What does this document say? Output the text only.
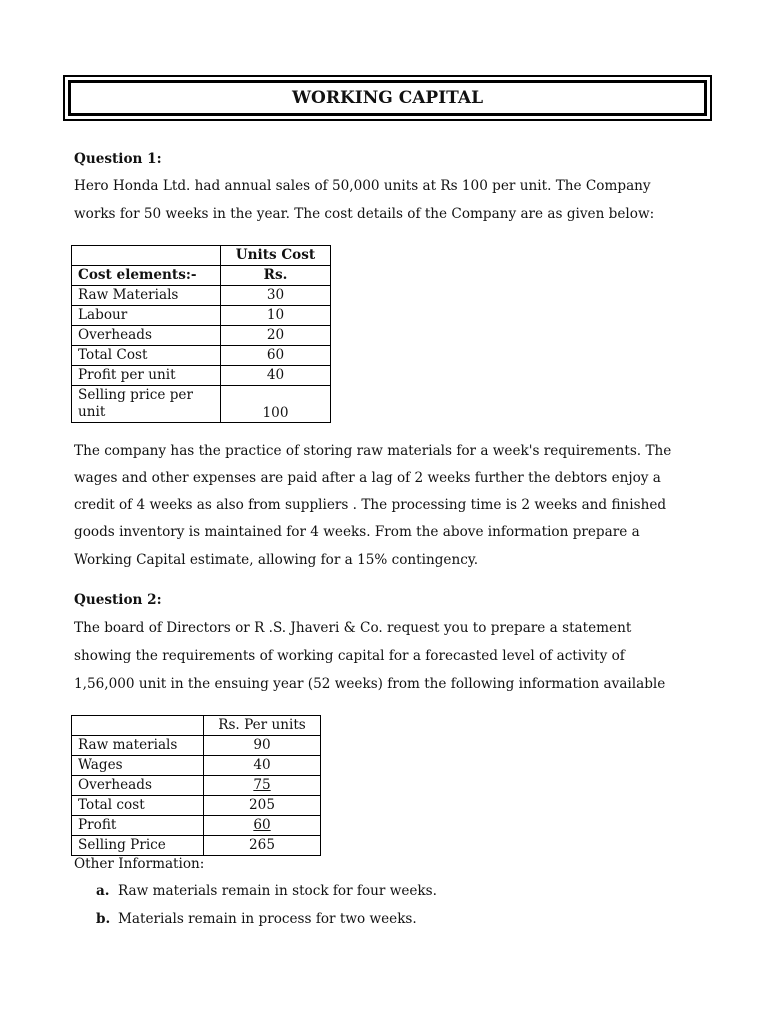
WORKING CAPITAL
Question 1:
Hero Honda Ltd. had annual sales of 50,000 units at Rs 100 per unit. The Company
works for 50 weeks in the year. The cost details of the Company are as given below:
	Units Cost
Cost elements:-	Rs.
Raw Materials	30
Labour	10
Overheads	20
Total Cost	60
Profit per unit	40
Selling price per
unit	100
The company has the practice of storing raw materials for a week's requirements. The
wages and other expenses are paid after a lag of 2 weeks further the debtors enjoy a
credit of 4 weeks as also from suppliers . The processing time is 2 weeks and finished
goods inventory is maintained for 4 weeks. From the above information prepare a
Working Capital estimate, allowing for a 15% contingency.
Question 2:
The board of Directors or R .S. Jhaveri & Co. request you to prepare a statement
showing the requirements of working capital for a forecasted level of activity of
1,56,000 unit in the ensuing year (52 weeks) from the following information available
	Rs. Per units
Raw materials	90
Wages	40
Overheads	75
Total cost	205
Profit	60
Selling Price	265
Other Information:
a. Raw materials remain in stock for four weeks.
b. Materials remain in process for two weeks.
